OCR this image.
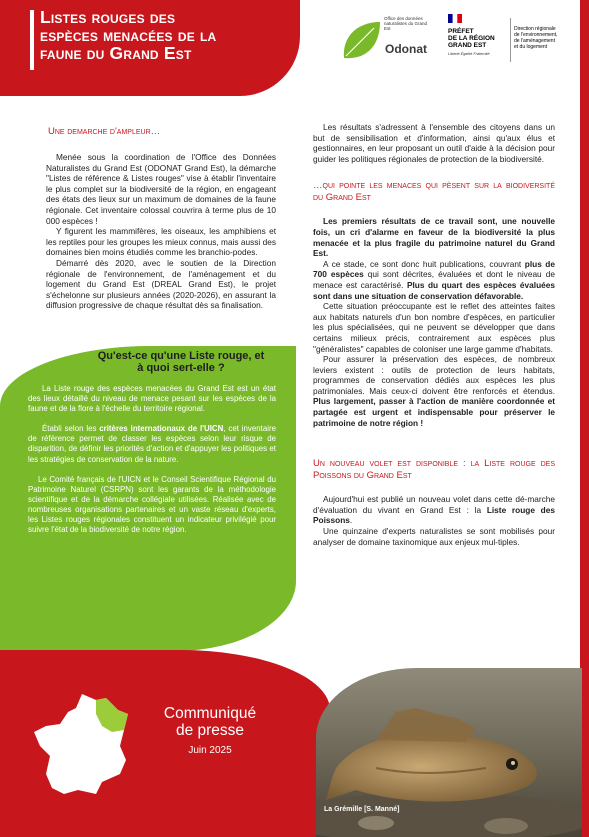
Listes rouges des
espèces menacées de la
faune du Grand Est
Office des données naturalistes du Grand Est
Odonat
PRÉFET
DE LA RÉGION
GRAND EST
Liberté Égalité Fraternité
Direction régionale
de l'environnement,
de l'aménagement
et du logement
Une demarche d'ampleur…

Menée sous la coordination de l'Office des Données Naturalistes du Grand Est (ODONAT Grand Est), la démarche "Listes de référence & Listes rouges" vise à établir l'inventaire le plus complet sur la biodiversité de la région, en engageant des états des lieux sur un maximum de domaines de la faune régionale. Cet inventaire colossal couvrira à terme plus de 10 000 espèces !

Y figurent les mammifères, les oiseaux, les amphibiens et les reptiles pour les groupes les mieux connus, mais aussi des domaines bien moins étudiés comme les branchio-podes.

Démarré dès 2020, avec le soutien de la Direction régionale de l'environnement, de l'aménagement et du logement du Grand Est (DREAL Grand Est), le projet s'échelonne sur plusieurs années (2020-2026), en assurant la diffusion progressive de chaque résultat dès sa finalisation.

Qu'est-ce qu'une Liste rouge, et à quoi sert-elle ?

La Liste rouge des espèces menacées du Grand Est est un état des lieux détaillé du niveau de menace pesant sur les espèces de la faune et de la flore à l'échelle du territoire régional.

Établi selon les critères internationaux de l'UICN, cet inventaire de référence permet de classer les espèces selon leur risque de disparition, de définir les priorités d'action et d'appuyer les politiques et les stratégies de conservation de la nature.

Le Comité français de l'UICN et le Conseil Scientifique Régional du Patrimoine Naturel (CSRPN) sont les garants de la méthodologie scientifique et de la démarche collégiale utilisées. Réalisée avec de nombreuses organisations partenaires et un vaste réseau d'experts, les Listes rouges régionales constituent un indicateur privilégié pour suivre l'état de la biodiversité de notre région.

Les résultats s'adressent à l'ensemble des citoyens dans un but de sensibilisation et d'information, ainsi qu'aux élus et gestionnaires, en leur proposant un outil d'aide à la décision pour guider les politiques régionales de protection de la biodiversité.

…qui pointe les menaces qui pèsent sur la biodiversité du Grand Est

Les premiers résultats de ce travail sont, une nouvelle fois, un cri d'alarme en faveur de la biodiversité la plus menacée et la plus fragile du patrimoine naturel du Grand Est.

A ce stade, ce sont donc huit publications, couvrant plus de 700 espèces qui sont décrites, évaluées et dont le niveau de menace est caractérisé. Plus du quart des espèces évaluées sont dans une situation de conservation défavorable.

Cette situation préoccupante est le reflet des atteintes faites aux habitats naturels d'un bon nombre d'espèces, en particulier les plus spécialisées, qui ne peuvent se développer que dans certains milieux précis, contrairement aux espèces plus "généralistes" capables de coloniser une large gamme d'habitats.

Pour assurer la préservation des espèces, de nombreux leviers existent : outils de protection de leurs habitats, programmes de conservation dédiés aux espèces les plus patrimoniales. Mais ceux-ci doivent être renforcés et étendus. Plus largement, passer à l'action de manière coordonnée et partagée est urgent et indispensable pour préserver le patrimoine de notre région !

Un nouveau volet est disponible : la Liste rouge des Poissons du Grand Est

Aujourd'hui est publié un nouveau volet dans cette dé-marche d'évaluation du vivant en Grand Est : la Liste rouge des Poissons.

Une quinzaine d'experts naturalistes se sont mobilisés pour analyser de domaine taxinomique aux enjeux mul-tiples.

Communiqué
de presse
Juin 2025
La Grémille [S. Manné]
